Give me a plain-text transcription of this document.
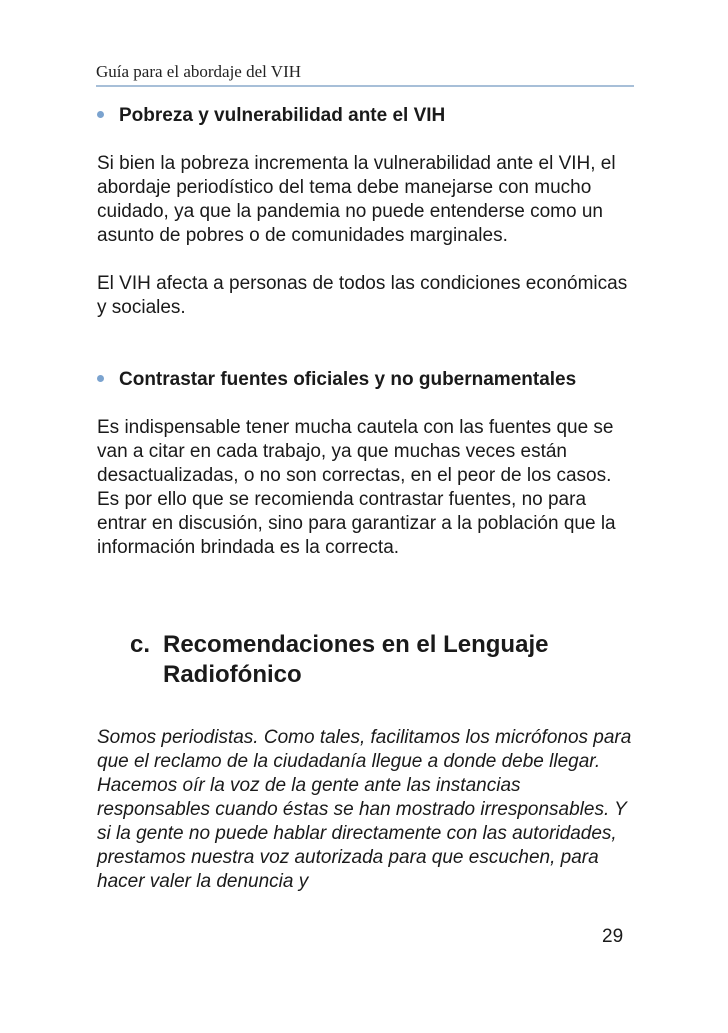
Guía para el abordaje del VIH
Pobreza y vulnerabilidad ante el VIH

Si bien la pobreza incrementa la vulnerabilidad ante el VIH, el abordaje periodístico del tema debe manejarse con mucho cuidado, ya que la pandemia no puede entenderse como un asunto de pobres o de comunidades marginales.

El VIH afecta a personas de todos las condiciones económicas y sociales.

Contrastar fuentes oficiales y no gubernamentales

Es indispensable tener mucha cautela con las fuentes que se van a citar en cada trabajo, ya que muchas veces están desactualizadas, o no son correctas, en el peor de los casos. Es por ello que se recomienda contrastar fuentes, no para entrar en discusión, sino para garantizar a la población que la información brindada es la correcta.

c. Recomendaciones en el Lenguaje Radiofónico

Somos periodistas. Como tales, facilitamos los micrófonos para que el reclamo de la ciudadanía llegue a donde debe llegar. Hacemos oír la voz de la gente ante las instancias responsables cuando éstas se han mostrado irresponsables. Y si la gente no puede hablar directamente con las autoridades, prestamos nuestra voz autorizada para que escuchen, para hacer valer la denuncia y

29
